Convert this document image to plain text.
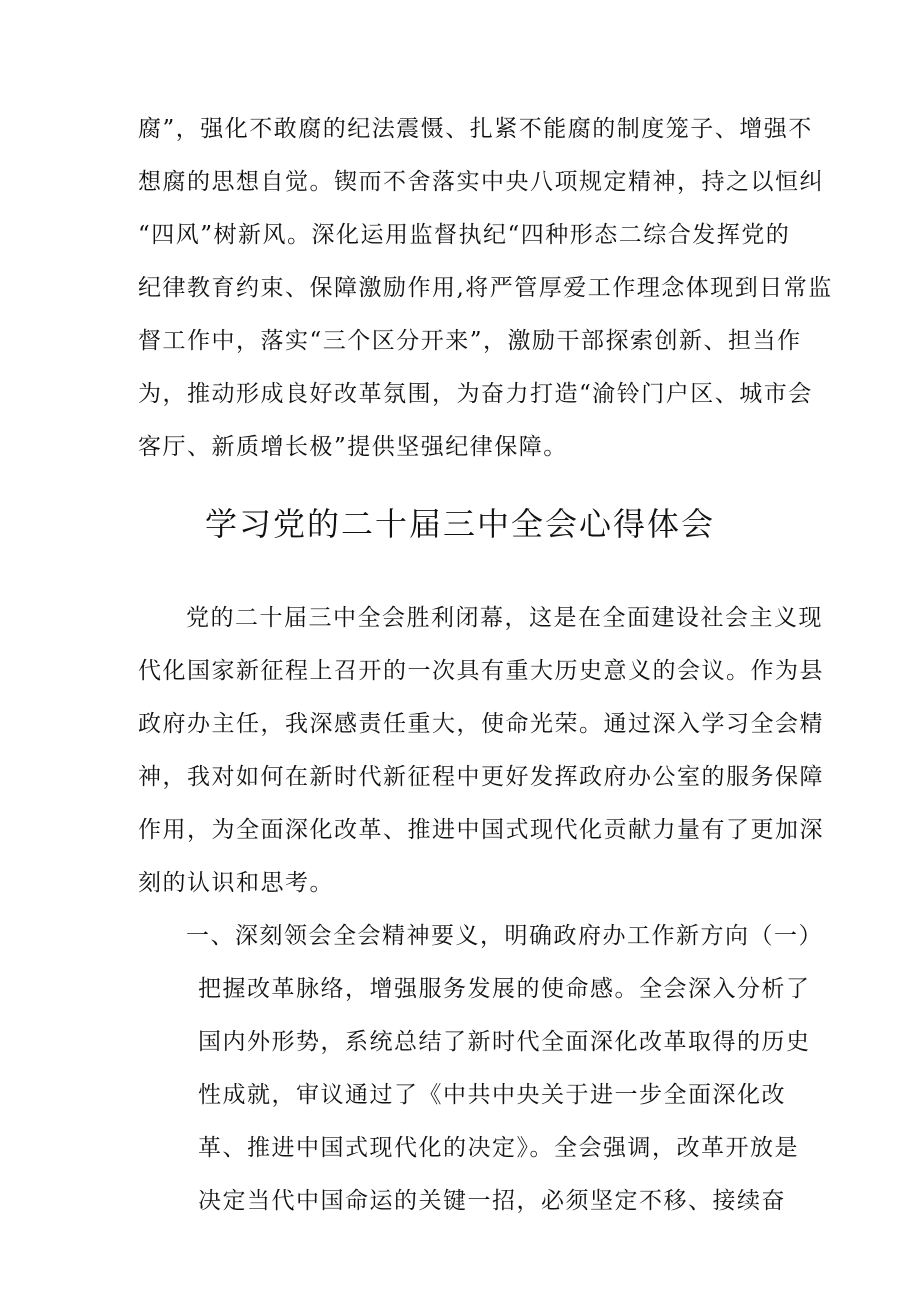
腐”，强化不敢腐的纪法震慑、扎紧不能腐的制度笼子、增强不
想腐的思想自觉。锲而不舍落实中央八项规定精神，持之以恒纠
“四风”树新风。深化运用监督执纪“四种形态二综合发挥党的
纪律教育约束、保障激励作用,将严管厚爱工作理念体现到日常监
督工作中，落实“三个区分开来”，激励干部探索创新、担当作
为，推动形成良好改革氛围，为奋力打造“渝铃门户区、城市会
客厅、新质增长极”提供坚强纪律保障。
学习党的二十届三中全会心得体会
党的二十届三中全会胜利闭幕，这是在全面建设社会主义现
代化国家新征程上召开的一次具有重大历史意义的会议。作为县
政府办主任，我深感责任重大，使命光荣。通过深入学习全会精
神，我对如何在新时代新征程中更好发挥政府办公室的服务保障
作用，为全面深化改革、推进中国式现代化贡献力量有了更加深
刻的认识和思考。
一、深刻领会全会精神要义，明确政府办工作新方向（一）
把握改革脉络，增强服务发展的使命感。全会深入分析了
国内外形势，系统总结了新时代全面深化改革取得的历史
性成就，审议通过了《中共中央关于进一步全面深化改
革、推进中国式现代化的决定》。全会强调，改革开放是
决定当代中国命运的关键一招，必须坚定不移、接续奋
